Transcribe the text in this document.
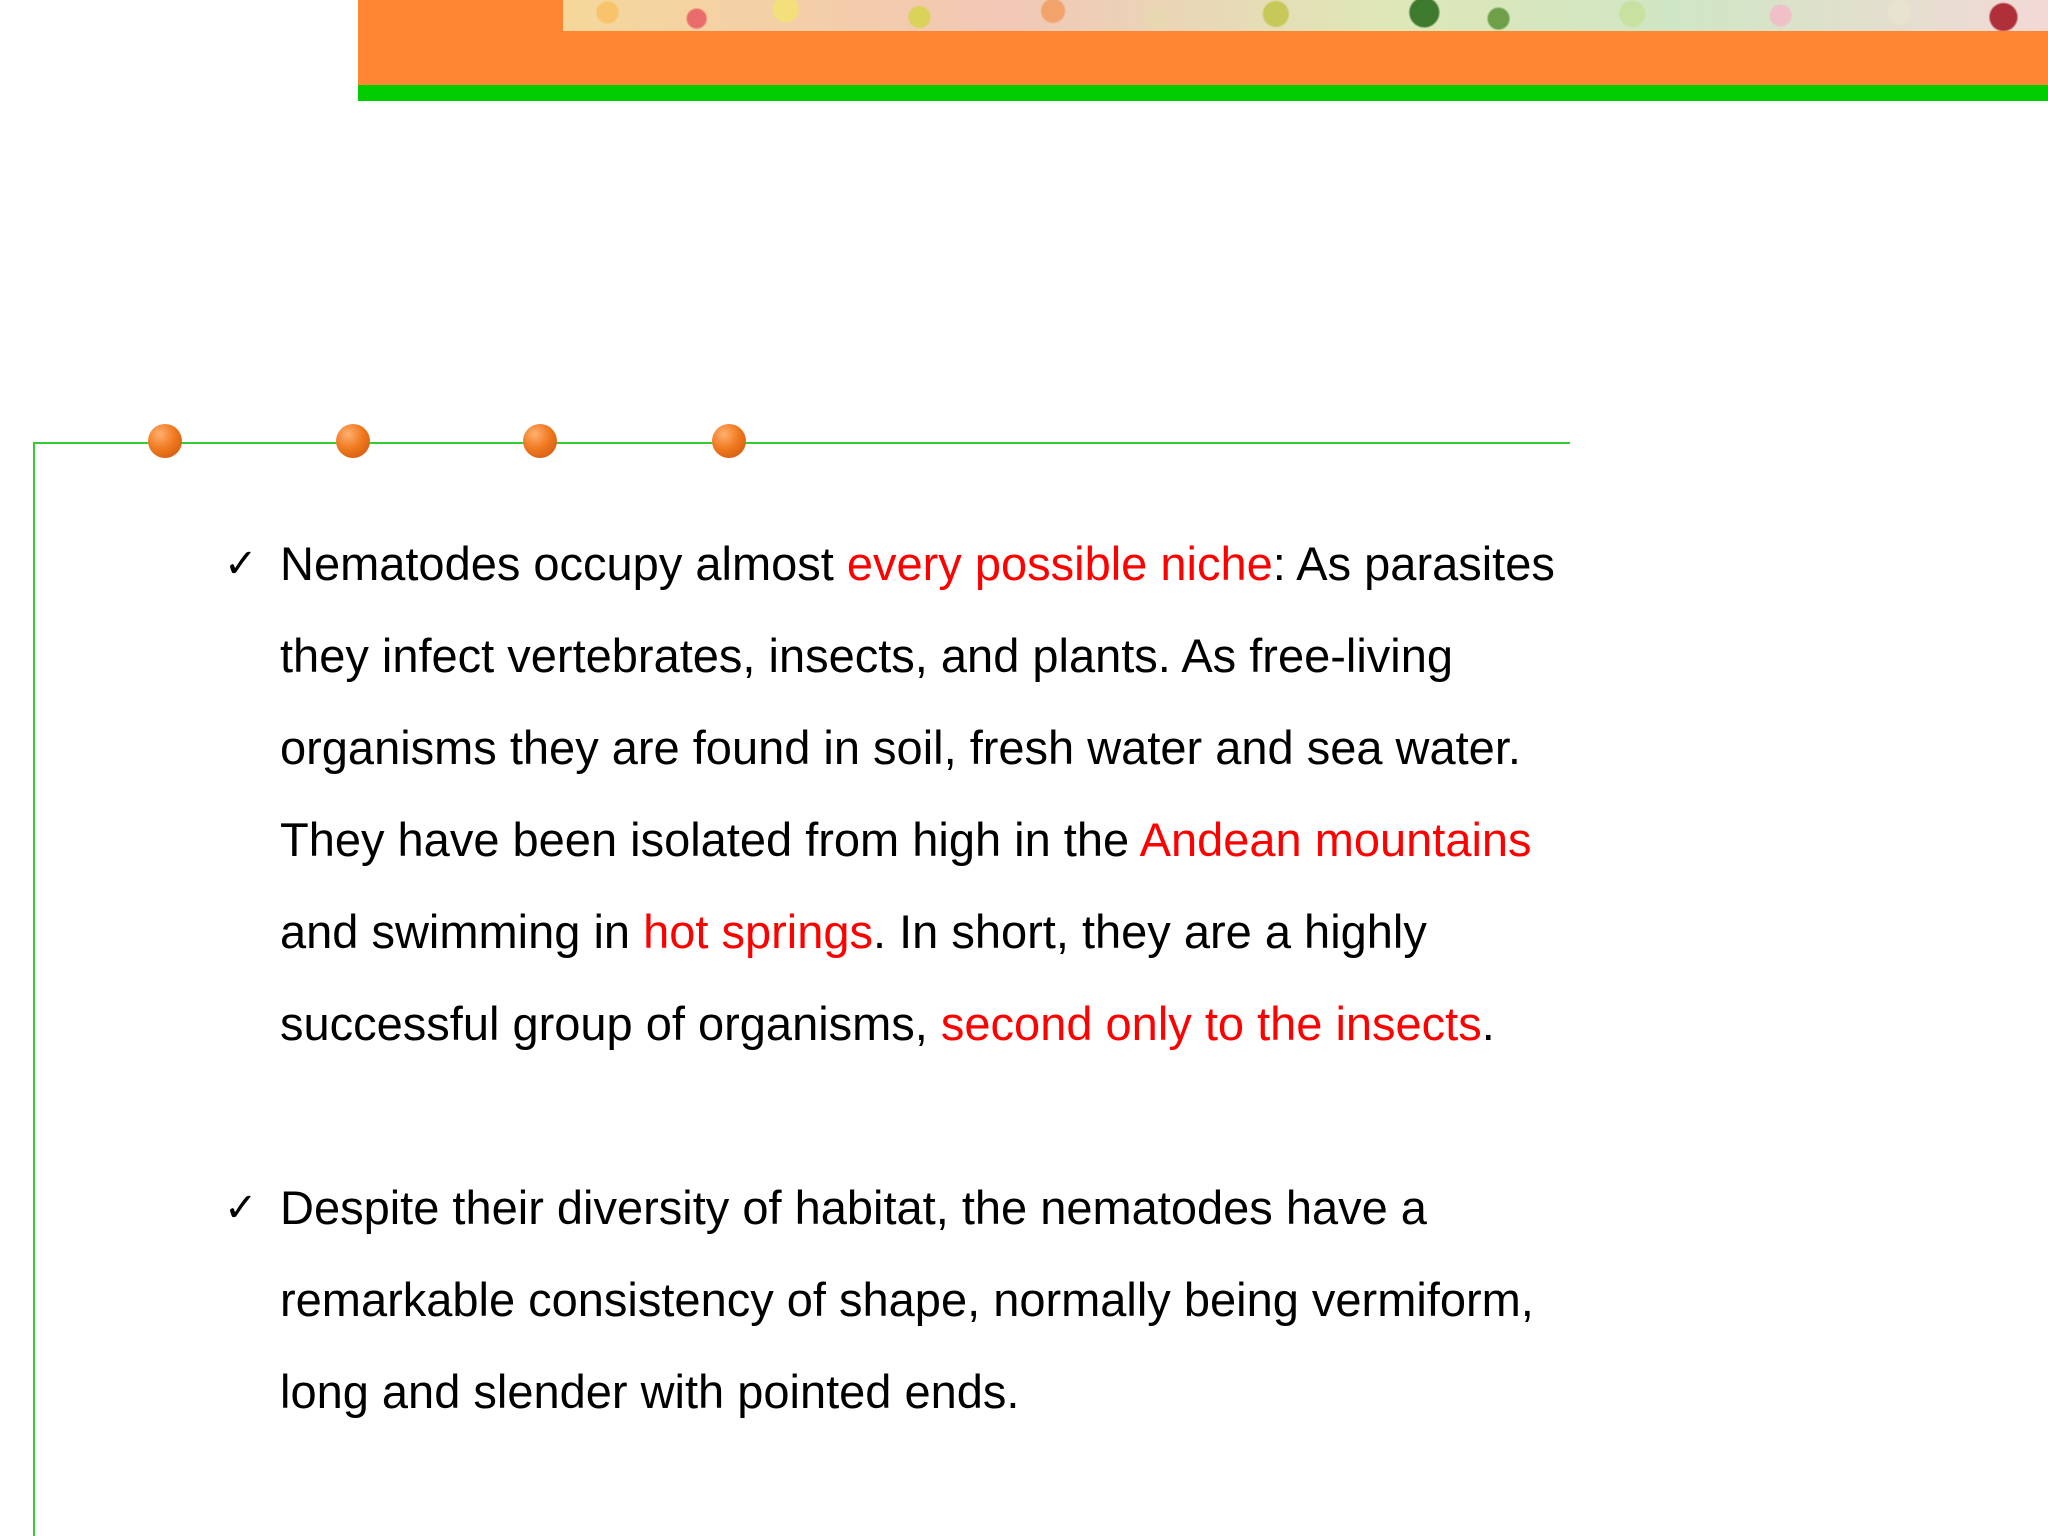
✓ Nematodes occupy almost every possible niche: As parasites
they infect vertebrates, insects, and plants. As free-living
organisms they are found in soil, fresh water and sea water.
They have been isolated from high in the Andean mountains
and swimming in hot springs. In short, they are a highly
successful group of organisms, second only to the insects.

✓ Despite their diversity of habitat, the nematodes have a
remarkable consistency of shape, normally being vermiform,
long and slender with pointed ends.
